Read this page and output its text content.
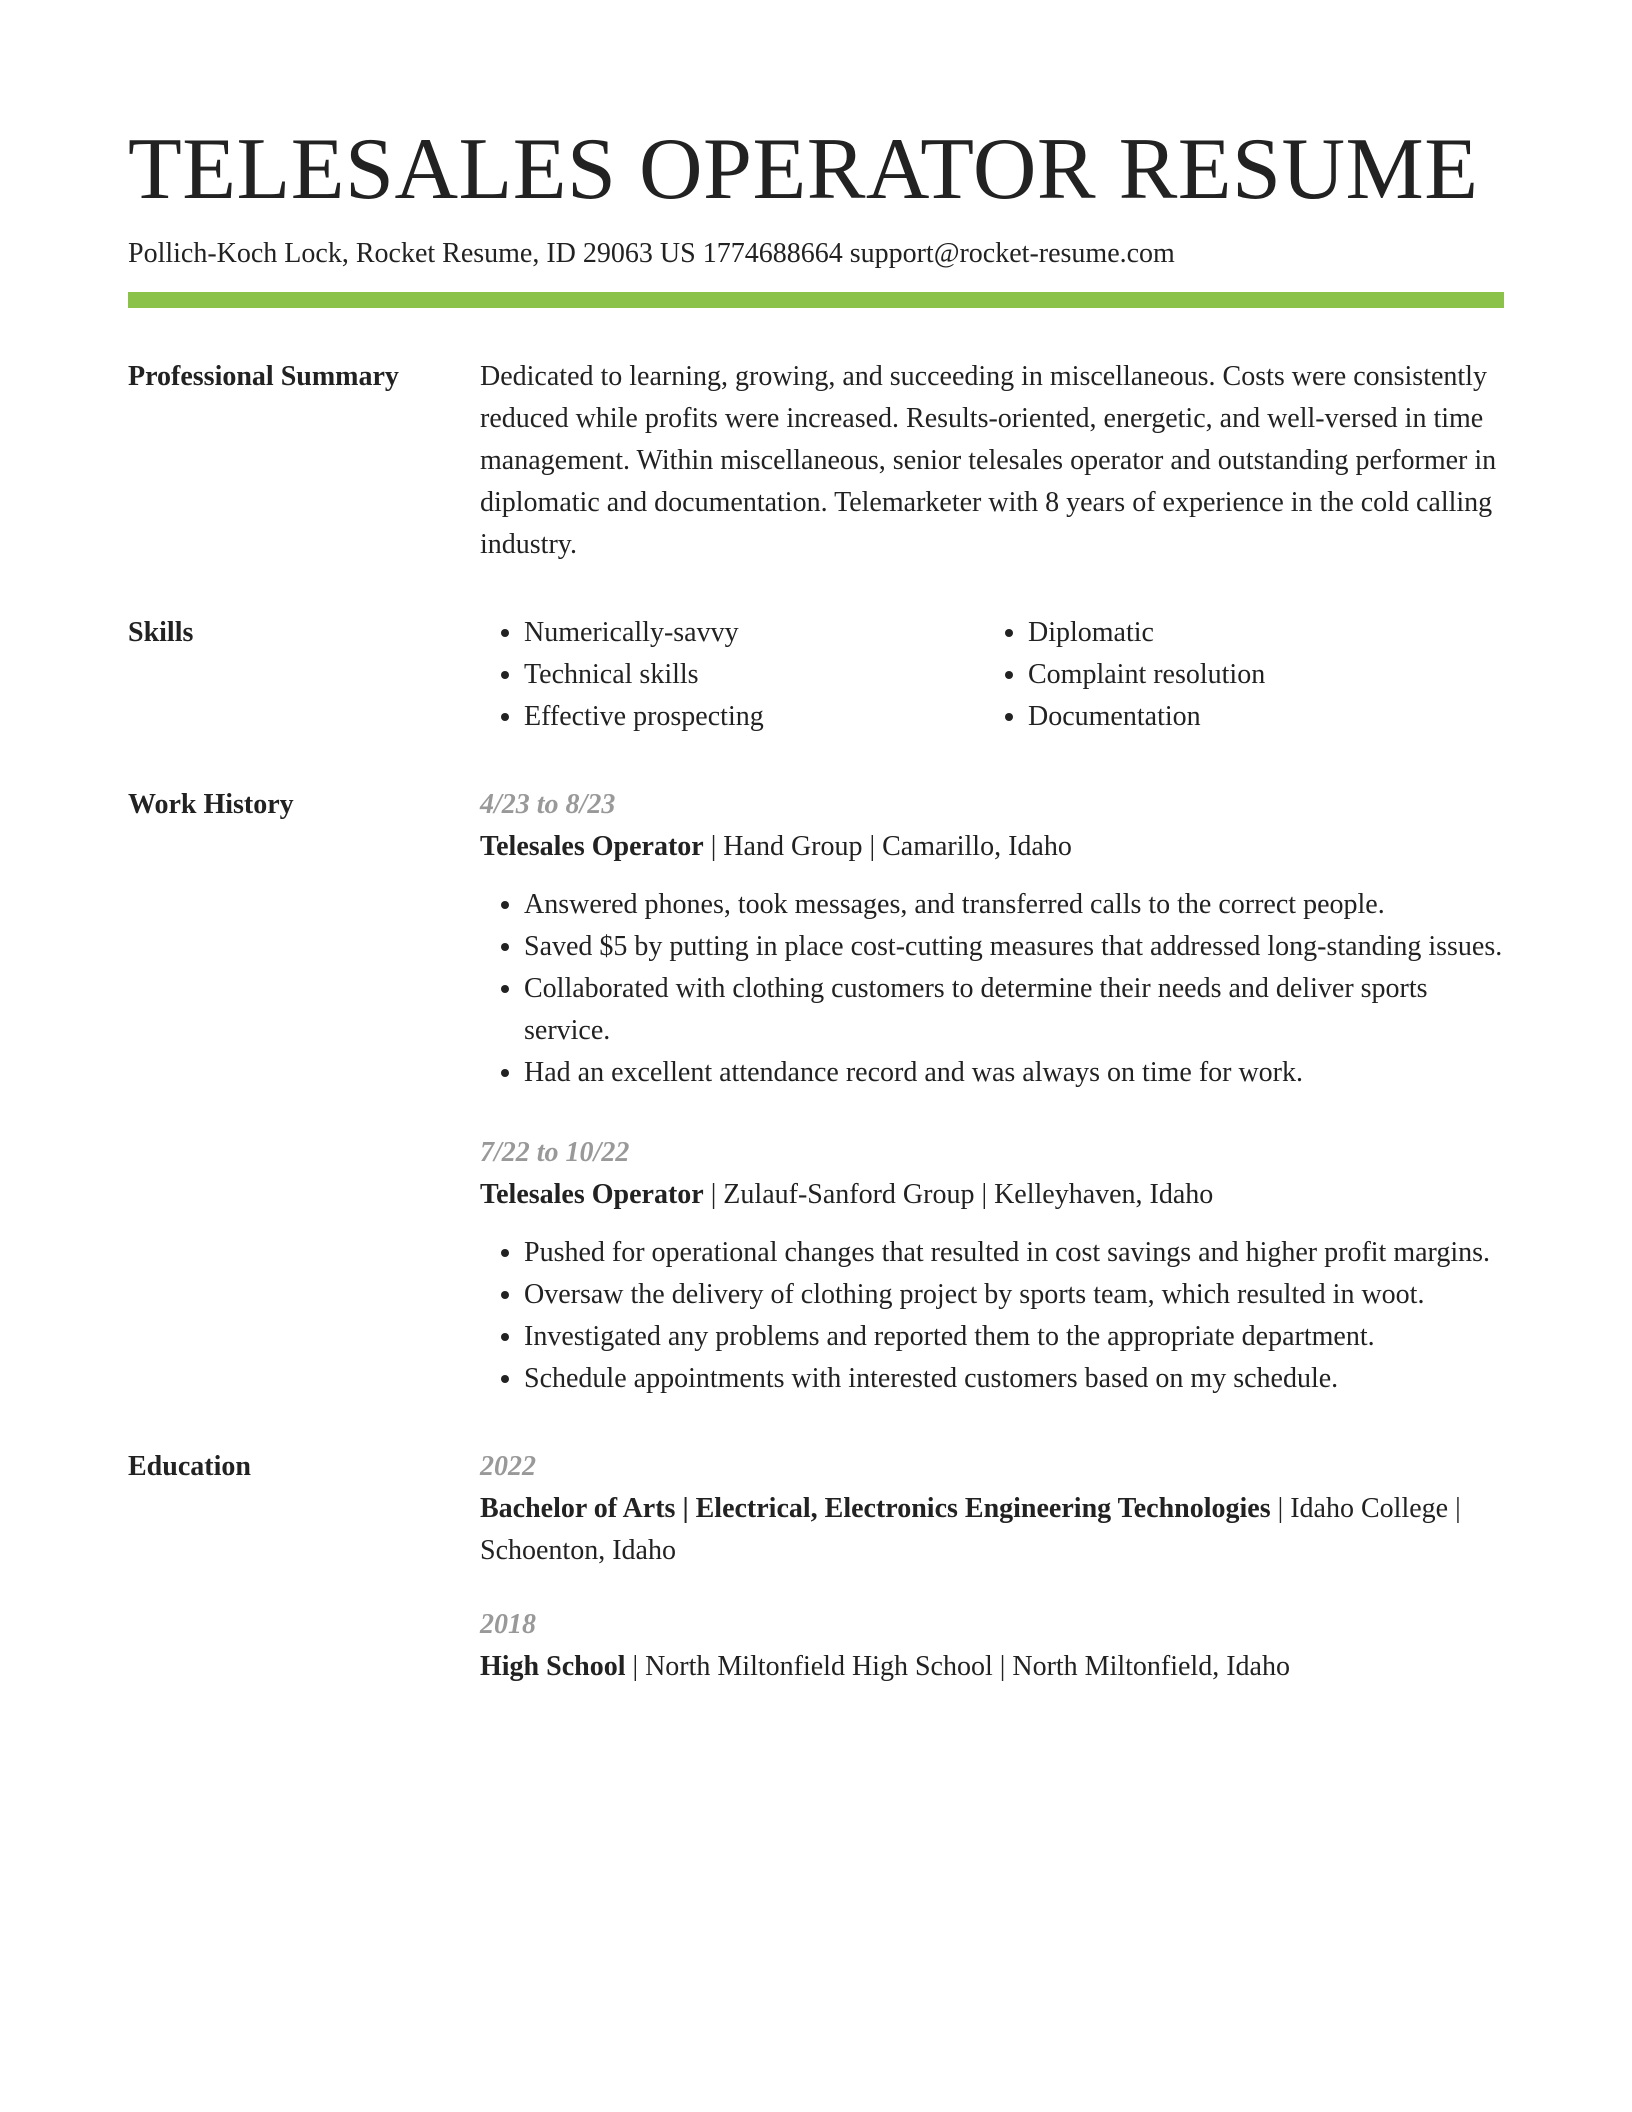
TELESALES OPERATOR RESUME
Pollich-Koch Lock, Rocket Resume, ID 29063 US 1774688664 support@rocket-resume.com
Professional Summary	Dedicated to learning, growing, and succeeding in miscellaneous. Costs were consistently reduced while profits were increased. Results-oriented, energetic, and well-versed in time management. Within miscellaneous, senior telesales operator and outstanding performer in diplomatic and documentation. Telemarketer with 8 years of experience in the cold calling industry.

Skills
•	Numerically-savvy
• Technical skills
• Effective prospecting
• Diplomatic
• Complaint resolution
• Documentation
Work History	4/23 to 8/23
Telesales Operator | Hand Group | Camarillo, Idaho
• Answered phones, took messages, and transferred calls to the correct people.
• Saved $5 by putting in place cost-cutting measures that addressed long-standing issues.
• Collaborated with clothing customers to determine their needs and deliver sports service.
• Had an excellent attendance record and was always on time for work.
7/22 to 10/22
Telesales Operator | Zulauf-Sanford Group | Kelleyhaven, Idaho
• Pushed for operational changes that resulted in cost savings and higher profit margins.
• Oversaw the delivery of clothing project by sports team, which resulted in woot.
• Investigated any problems and reported them to the appropriate department.
• Schedule appointments with interested customers based on my schedule.
Education	2022
Bachelor of Arts | Electrical, Electronics Engineering Technologies | Idaho College | Schoenton, Idaho
2018
High School | North Miltonfield High School | North Miltonfield, Idaho
